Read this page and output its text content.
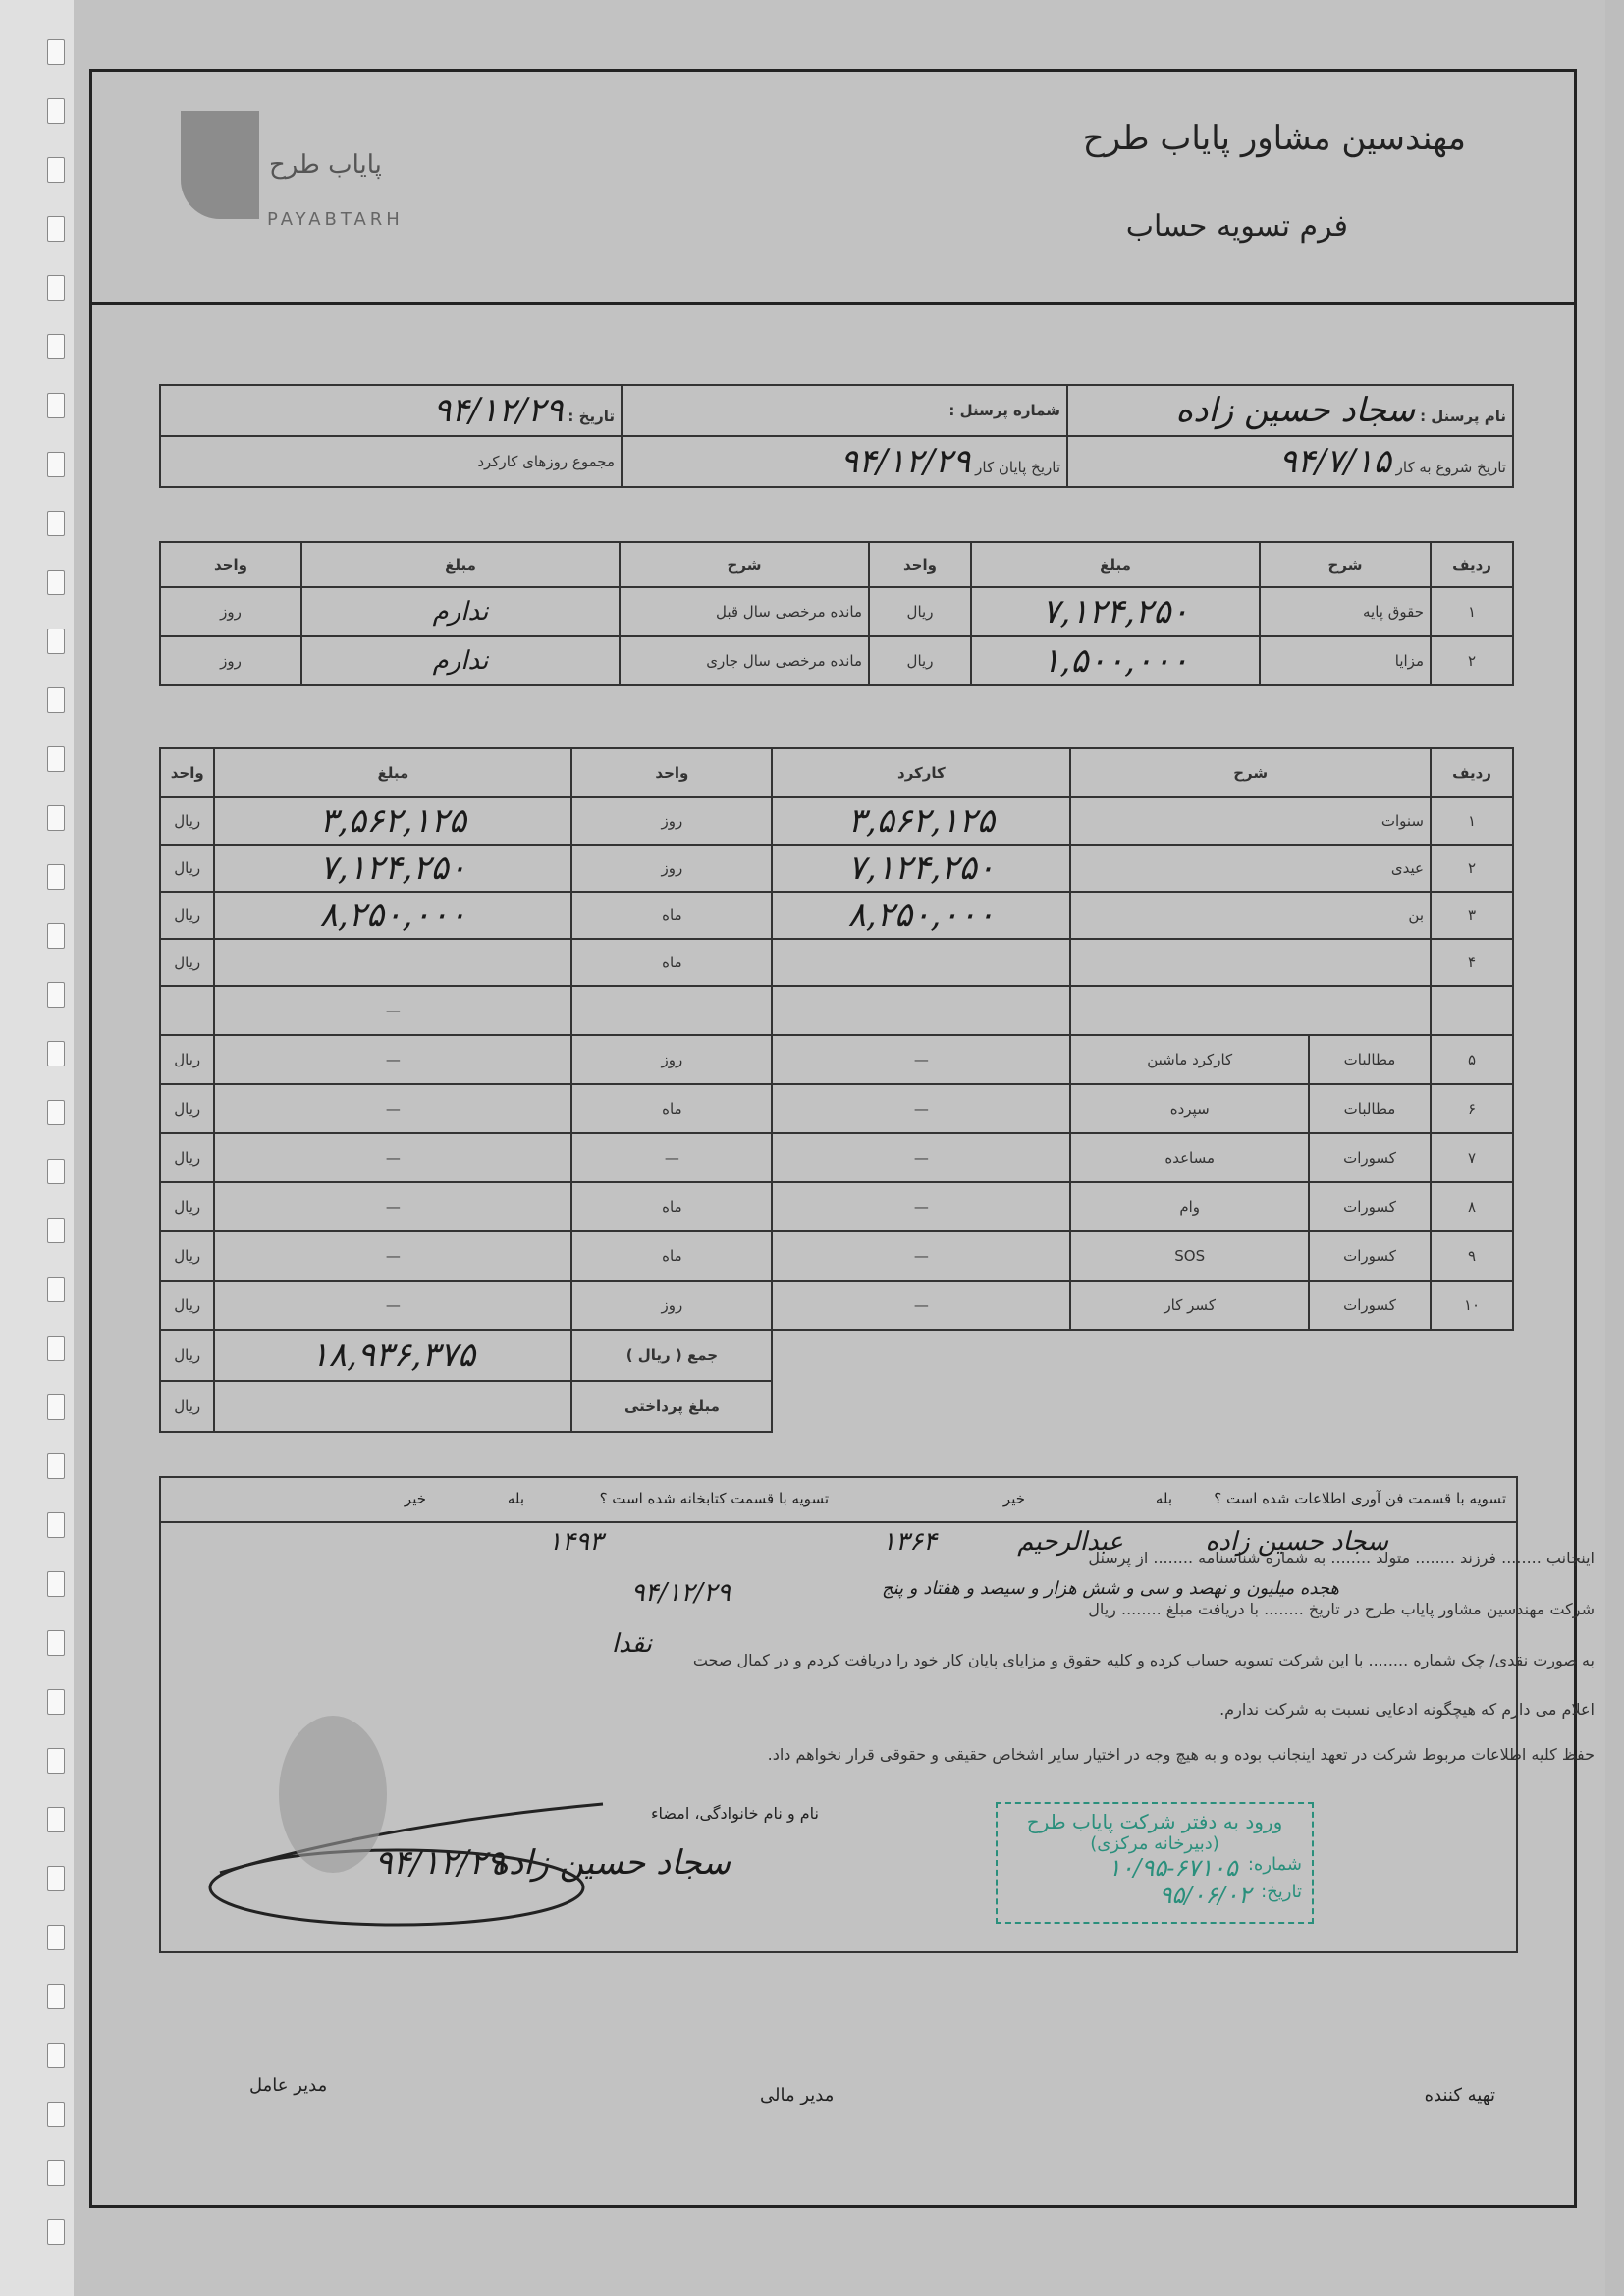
پایاب طرح
PAYABTARH
مهندسین مشاور پایاب طرح
فرم تسویه حساب
نام پرسنل : سجاد حسین زاده	شماره پرسنل :	تاریخ : ۹۴/۱۲/۲۹
تاریخ شروع به کار ۹۴/۷/۱۵	تاریخ پایان کار ۹۴/۱۲/۲۹	مجموع روزهای کارکرد
ردیف	شرح	مبلغ	واحد	شرح	مبلغ	واحد
۱	حقوق پایه	۷,۱۲۴,۲۵۰	ریال	مانده مرخصی سال قبل	ندارم	روز
۲	مزایا	۱,۵۰۰,۰۰۰	ریال	مانده مرخصی سال جاری	ندارم	روز
ردیف	شرح		کارکرد	واحد	مبلغ	واحد
۱	سنوات		۳,۵۶۲,۱۲۵	روز	۳,۵۶۲,۱۲۵	ریال
۲	عیدی		۷,۱۲۴,۲۵۰	روز	۷,۱۲۴,۲۵۰	ریال
۳	بن		۸,۲۵۰,۰۰۰	ماه	۸,۲۵۰,۰۰۰	ریال
۴				ماه		ریال
					—	
۵	مطالبات	کارکرد ماشین	—	روز	—	ریال
۶	مطالبات	سپرده	—	ماه	—	ریال
۷	کسورات	مساعده	—	—	—	ریال
۸	کسورات	وام	—	ماه	—	ریال
۹	کسورات	SOS	—	ماه	—	ریال
۱۰	کسورات	کسر کار	—	روز	—	ریال
				جمع ( ریال )	۱۸,۹۳۶,۳۷۵	ریال
				مبلغ پرداختی		ریال
تسویه با قسمت فن آوری اطلاعات شده است ؟
بله
خیر
تسویه با قسمت کتابخانه شده است ؟
بله
خیر
اینجانب ........ فرزند ........ متولد ........ به شماره شناسنامه ........ از پرسنل
شرکت مهندسین مشاور پایاب طرح در تاریخ ........ با دریافت مبلغ ........ ریال
به صورت نقدی/ چک شماره ........ با این شرکت تسویه حساب کرده و کلیه حقوق و مزایای پایان کار خود را دریافت کردم و در کمال صحت
اعلام می دارم که هیچگونه ادعایی نسبت به شرکت ندارم.
حفظ کلیه اطلاعات مربوط شرکت در تعهد اینجانب بوده و به هیچ وجه در اختیار سایر اشخاص حقیقی و حقوقی قرار نخواهم داد.
سجاد حسین زاده
عبدالرحیم
۱۳۶۴
۱۴۹۳
هجده میلیون و نهصد و سی و شش هزار و سیصد و هفتاد و پنج
۹۴/۱۲/۲۹
نقدا
نام و نام خانوادگی، امضاء
سجاد حسین زاده
۹۴/۱۲/۲۹
ورود به دفتر شرکت پایاب طرح
(دبیرخانه مرکزی)
شماره:
۱۰/۹۵-۶۷۱۰۵
تاریخ:
۹۵/۰۶/۰۲
تهیه کننده
مدیر مالی
مدیر عامل
